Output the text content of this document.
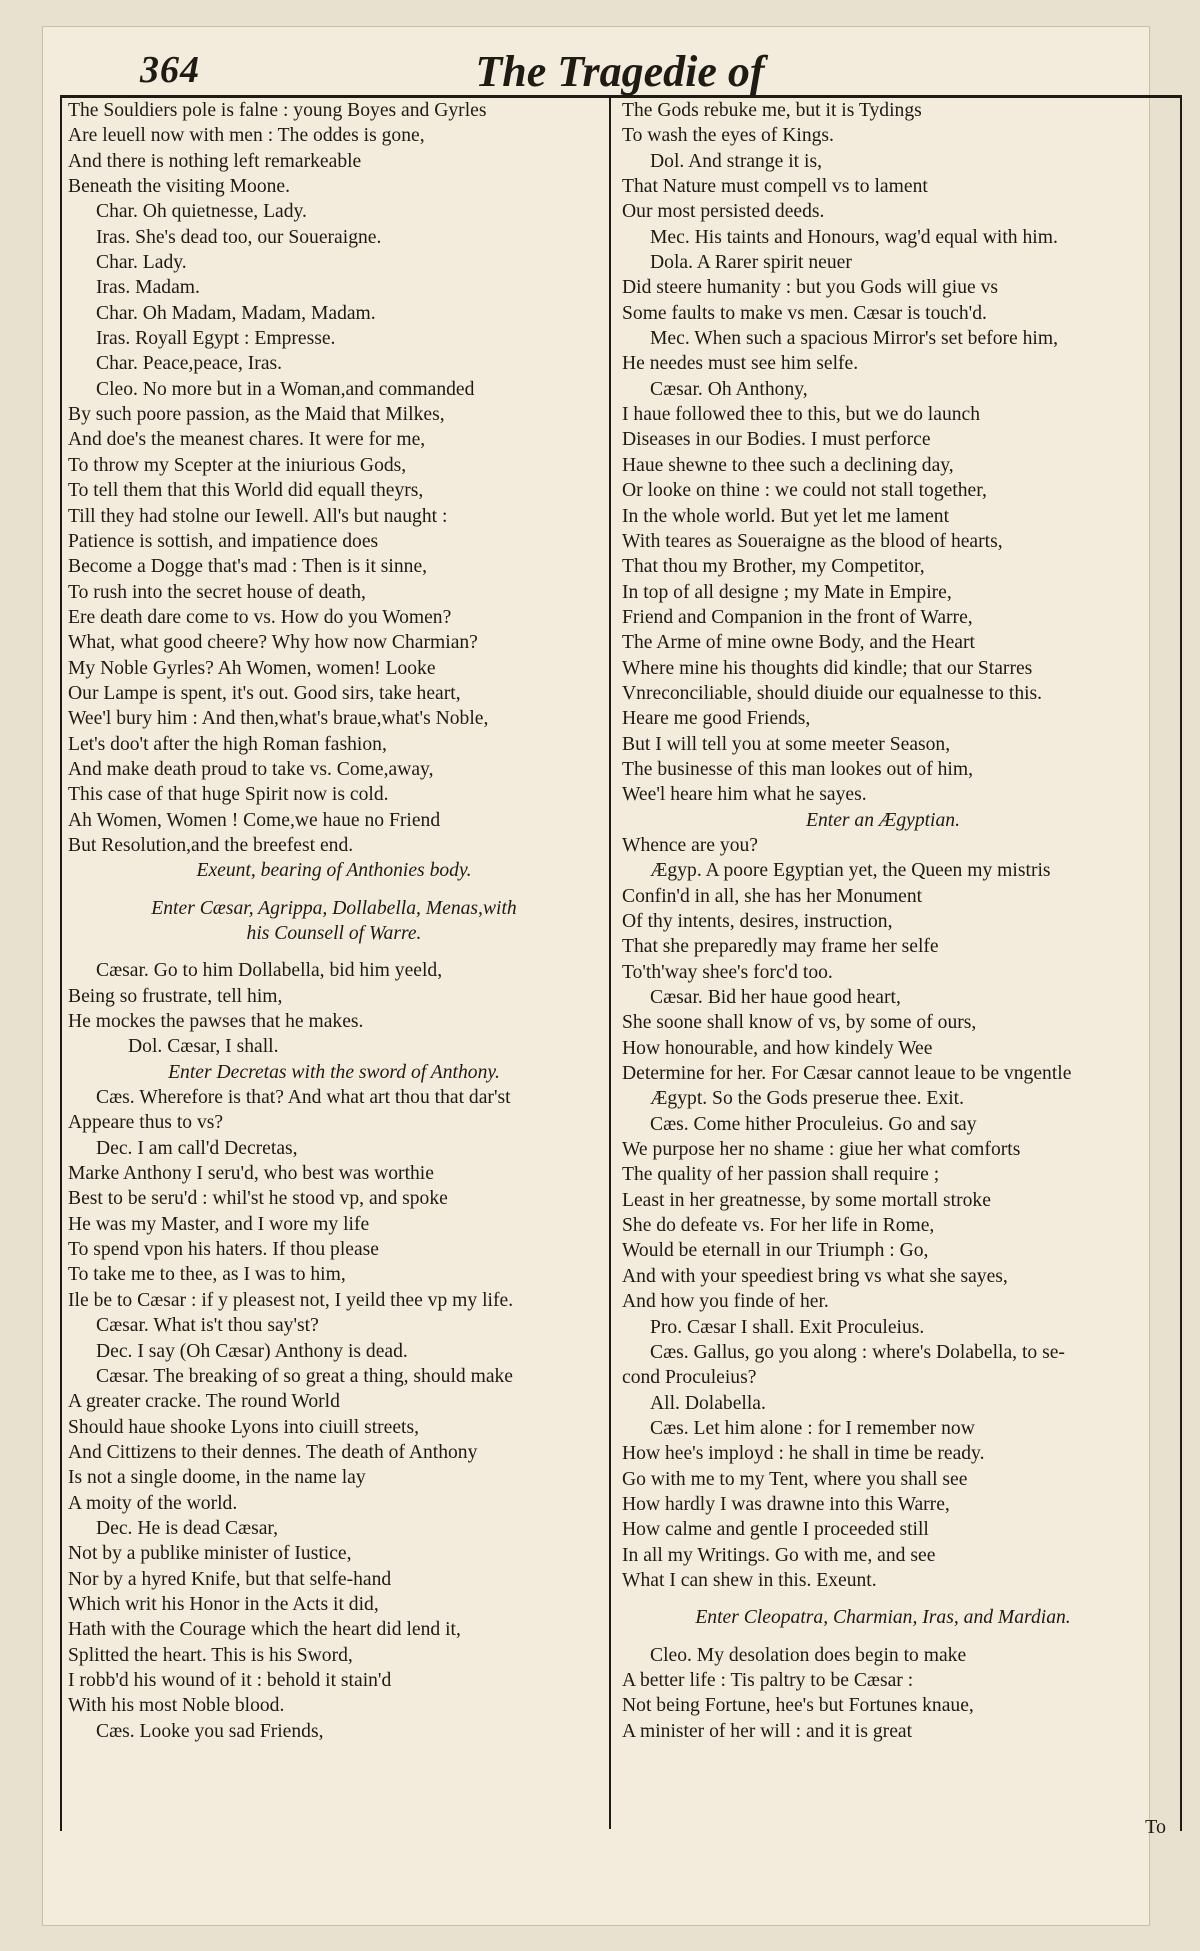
364	The Tragedie of
The Souldiers pole is falne : young Boyes and Gyrles
Are leuell now with men : The oddes is gone,
And there is nothing left remarkeable
Beneath the visiting Moone.
Char. Oh quietnesse, Lady.
Iras. She's dead too, our Soueraigne.
Char. Lady.
Iras. Madam.
Char. Oh Madam, Madam, Madam.
Iras. Royall Egypt : Empresse.
Char. Peace,peace, Iras.
Cleo. No more but in a Woman,and commanded
By such poore passion, as the Maid that Milkes,
And doe's the meanest chares. It were for me,
To throw my Scepter at the iniurious Gods,
To tell them that this World did equall theyrs,
Till they had stolne our Iewell. All's but naught :
Patience is sottish, and impatience does
Become a Dogge that's mad : Then is it sinne,
To rush into the secret house of death,
Ere death dare come to vs. How do you Women?
What, what good cheere? Why how now Charmian?
My Noble Gyrles? Ah Women, women! Looke
Our Lampe is spent, it's out. Good sirs, take heart,
Wee'l bury him : And then,what's braue,what's Noble,
Let's doo't after the high Roman fashion,
And make death proud to take vs. Come,away,
This case of that huge Spirit now is cold.
Ah Women, Women ! Come,we haue no Friend
But Resolution,and the breefest end.
Exeunt, bearing of Anthonies body.
Enter Cæsar, Agrippa, Dollabella, Menas,with
his Counsell of Warre.
Cæsar. Go to him Dollabella, bid him yeeld,
Being so frustrate, tell him,
He mockes the pawses that he makes.
Dol. Cæsar, I shall.
Enter Decretas with the sword of Anthony.
Cæs. Wherefore is that? And what art thou that dar'st
Appeare thus to vs?
Dec. I am call'd Decretas,
Marke Anthony I seru'd, who best was worthie
Best to be seru'd : whil'st he stood vp, and spoke
He was my Master, and I wore my life
To spend vpon his haters. If thou please
To take me to thee, as I was to him,
Ile be to Cæsar : if y pleasest not, I yeild thee vp my life.
Cæsar. What is't thou say'st?
Dec. I say (Oh Cæsar) Anthony is dead.
Cæsar. The breaking of so great a thing, should make
A greater cracke. The round World
Should haue shooke Lyons into ciuill streets,
And Cittizens to their dennes. The death of Anthony
Is not a single doome, in the name lay
A moity of the world.
Dec. He is dead Cæsar,
Not by a publike minister of Iustice,
Nor by a hyred Knife, but that selfe-hand
Which writ his Honor in the Acts it did,
Hath with the Courage which the heart did lend it,
Splitted the heart. This is his Sword,
I robb'd his wound of it : behold it stain'd
With his most Noble blood.
Cæs. Looke you sad Friends,
The Gods rebuke me, but it is Tydings
To wash the eyes of Kings.
Dol. And strange it is,
That Nature must compell vs to lament
Our most persisted deeds.
Mec. His taints and Honours, wag'd equal with him.
Dola. A Rarer spirit neuer
Did steere humanity : but you Gods will giue vs
Some faults to make vs men. Cæsar is touch'd.
Mec. When such a spacious Mirror's set before him,
He needes must see him selfe.
Cæsar. Oh Anthony,
I haue followed thee to this, but we do launch
Diseases in our Bodies. I must perforce
Haue shewne to thee such a declining day,
Or looke on thine : we could not stall together,
In the whole world. But yet let me lament
With teares as Soueraigne as the blood of hearts,
That thou my Brother, my Competitor,
In top of all designe ; my Mate in Empire,
Friend and Companion in the front of Warre,
The Arme of mine owne Body, and the Heart
Where mine his thoughts did kindle; that our Starres
Vnreconciliable, should diuide our equalnesse to this.
Heare me good Friends,
But I will tell you at some meeter Season,
The businesse of this man lookes out of him,
Wee'l heare him what he sayes.
Enter an Ægyptian.
Whence are you?
Ægyp. A poore Egyptian yet, the Queen my mistris
Confin'd in all, she has her Monument
Of thy intents, desires, instruction,
That she preparedly may frame her selfe
To'th'way shee's forc'd too.
Cæsar. Bid her haue good heart,
She soone shall know of vs, by some of ours,
How honourable, and how kindely Wee
Determine for her. For Cæsar cannot leaue to be vngentle
Ægypt. So the Gods preserue thee. Exit.
Cæs. Come hither Proculeius. Go and say
We purpose her no shame : giue her what comforts
The quality of her passion shall require ;
Least in her greatnesse, by some mortall stroke
She do defeate vs. For her life in Rome,
Would be eternall in our Triumph : Go,
And with your speediest bring vs what she sayes,
And how you finde of her.
Pro. Cæsar I shall. Exit Proculeius.
Cæs. Gallus, go you along : where's Dolabella, to se-
cond Proculeius?
All. Dolabella.
Cæs. Let him alone : for I remember now
How hee's imployd : he shall in time be ready.
Go with me to my Tent, where you shall see
How hardly I was drawne into this Warre,
How calme and gentle I proceeded still
In all my Writings. Go with me, and see
What I can shew in this. Exeunt.
Enter Cleopatra, Charmian, Iras, and Mardian.
Cleo. My desolation does begin to make
A better life : Tis paltry to be Cæsar :
Not being Fortune, hee's but Fortunes knaue,
A minister of her will : and it is great
To
